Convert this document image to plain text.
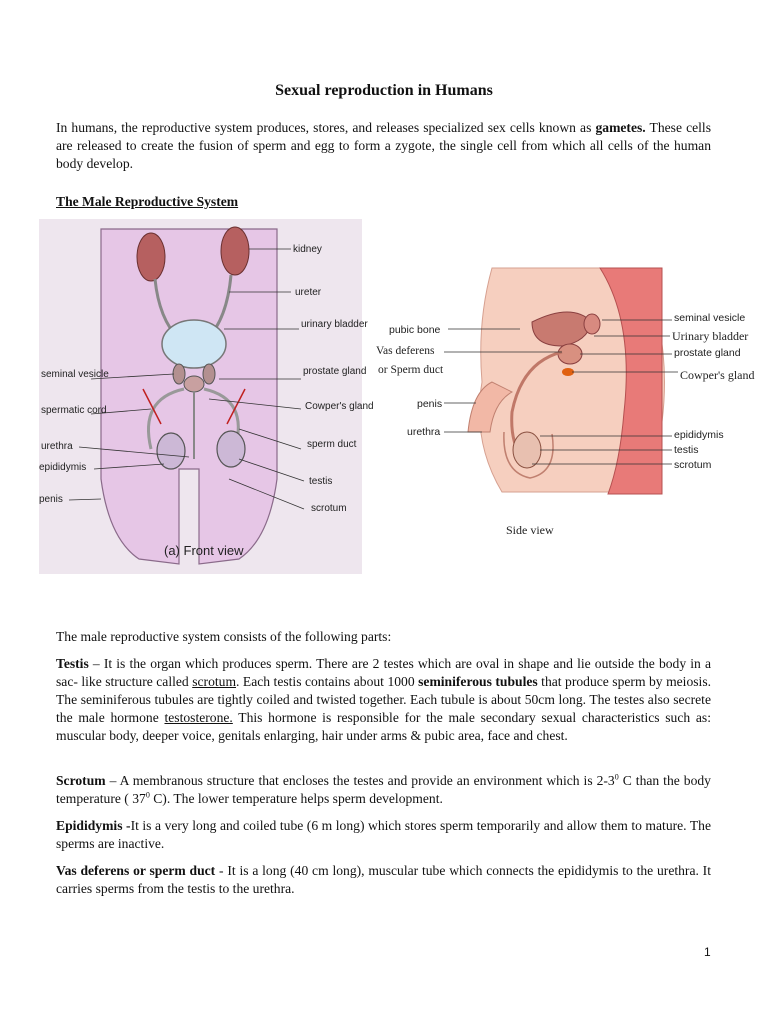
Sexual reproduction in Humans

In humans, the reproductive system produces, stores, and releases specialized sex cells known as gametes. These cells are released to create the fusion of sperm and egg to form a zygote, the single cell from which all cells of the human body develop.

The Male Reproductive System
kidney
ureter
urinary bladder
prostate gland
Cowper's gland
sperm duct
testis
scrotum
seminal vesicle
spermatic cord
urethra
epididymis
penis
(a) Front view
pubic bone
Vas deferens
or Sperm duct
penis
urethra
seminal vesicle
Urinary bladder
prostate gland
Cowper's gland
epididymis
testis
scrotum
Side view

The male reproductive system consists of the following parts:

Testis – It is the organ which produces sperm. There are 2 testes which are oval in shape and lie outside the body in a sac- like structure called scrotum. Each testis contains about 1000 seminiferous tubules that produce sperm by meiosis. The seminiferous tubules are tightly coiled and twisted together. Each tubule is about 50cm long. The testes also secrete the male hormone testosterone. This hormone is responsible for the male secondary sexual characteristics such as: muscular body, deeper voice, genitals enlarging, hair under arms & pubic area, face and chest.

Scrotum – A membranous structure that encloses the testes and provide an environment which is $2-3^0$ C than the body temperature ( $37^0$ C). The lower temperature helps sperm development.

Epididymis -It is a very long and coiled tube (6 m long) which stores sperm temporarily and allow them to mature. The sperms are inactive.

Vas deferens or sperm duct - It is a long (40 cm long), muscular tube which connects the epididymis to the urethra. It carries sperms from the testis to the urethra.

1
